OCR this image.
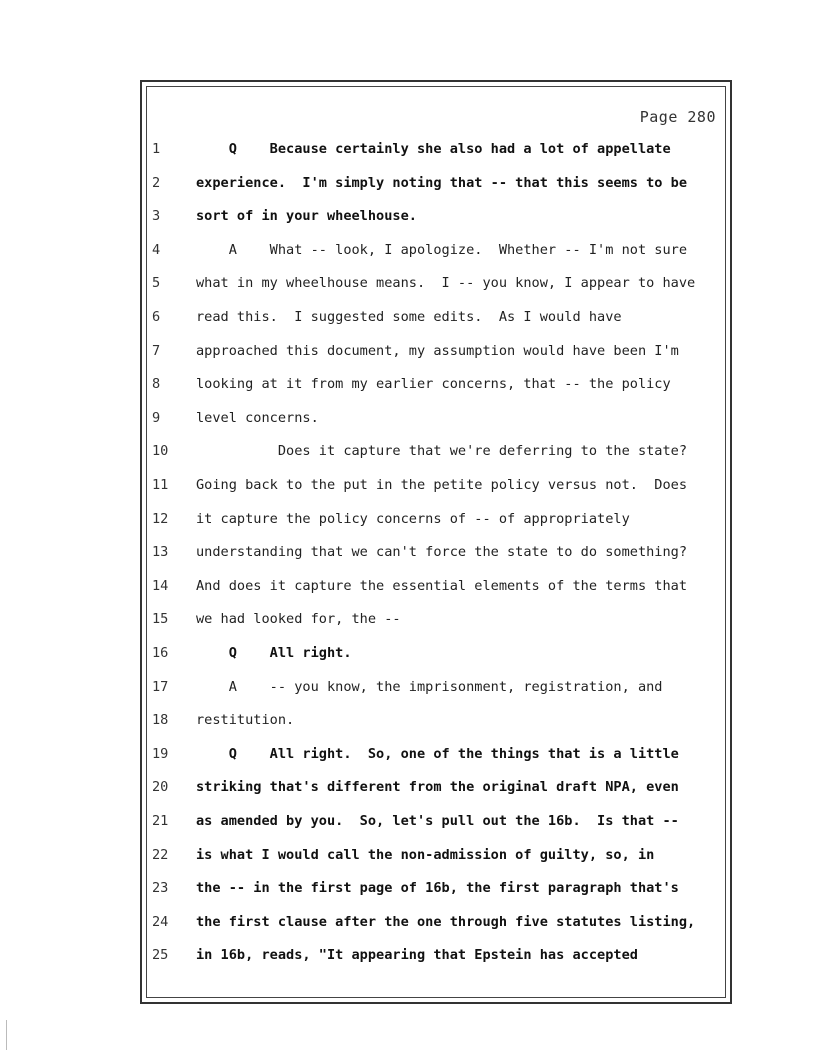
Page 280
1	Q    Because certainly she also had a lot of appellate
2	experience.  I'm simply noting that -- that this seems to be
3	sort of in your wheelhouse.
4	A    What -- look, I apologize.  Whether -- I'm not sure
5	what in my wheelhouse means.  I -- you know, I appear to have
6	read this.  I suggested some edits.  As I would have
7	approached this document, my assumption would have been I'm
8	looking at it from my earlier concerns, that -- the policy
9	level concerns.
10 Does it capture that we're deferring to the state?
11 Going back to the put in the petite policy versus not.  Does
12 it capture the policy concerns of -- of appropriately
13 understanding that we can't force the state to do something?
14 And does it capture the essential elements of the terms that
15 we had looked for, the --
16 Q    All right.
17 A    -- you know, the imprisonment, registration, and
18 restitution.
19 Q    All right.  So, one of the things that is a little
20 striking that's different from the original draft NPA, even
21 as amended by you.  So, let's pull out the 16b.  Is that --
22 is what I would call the non-admission of guilty, so, in
23 the -- in the first page of 16b, the first paragraph that's
24 the first clause after the one through five statutes listing,
25 in 16b, reads, "It appearing that Epstein has accepted
